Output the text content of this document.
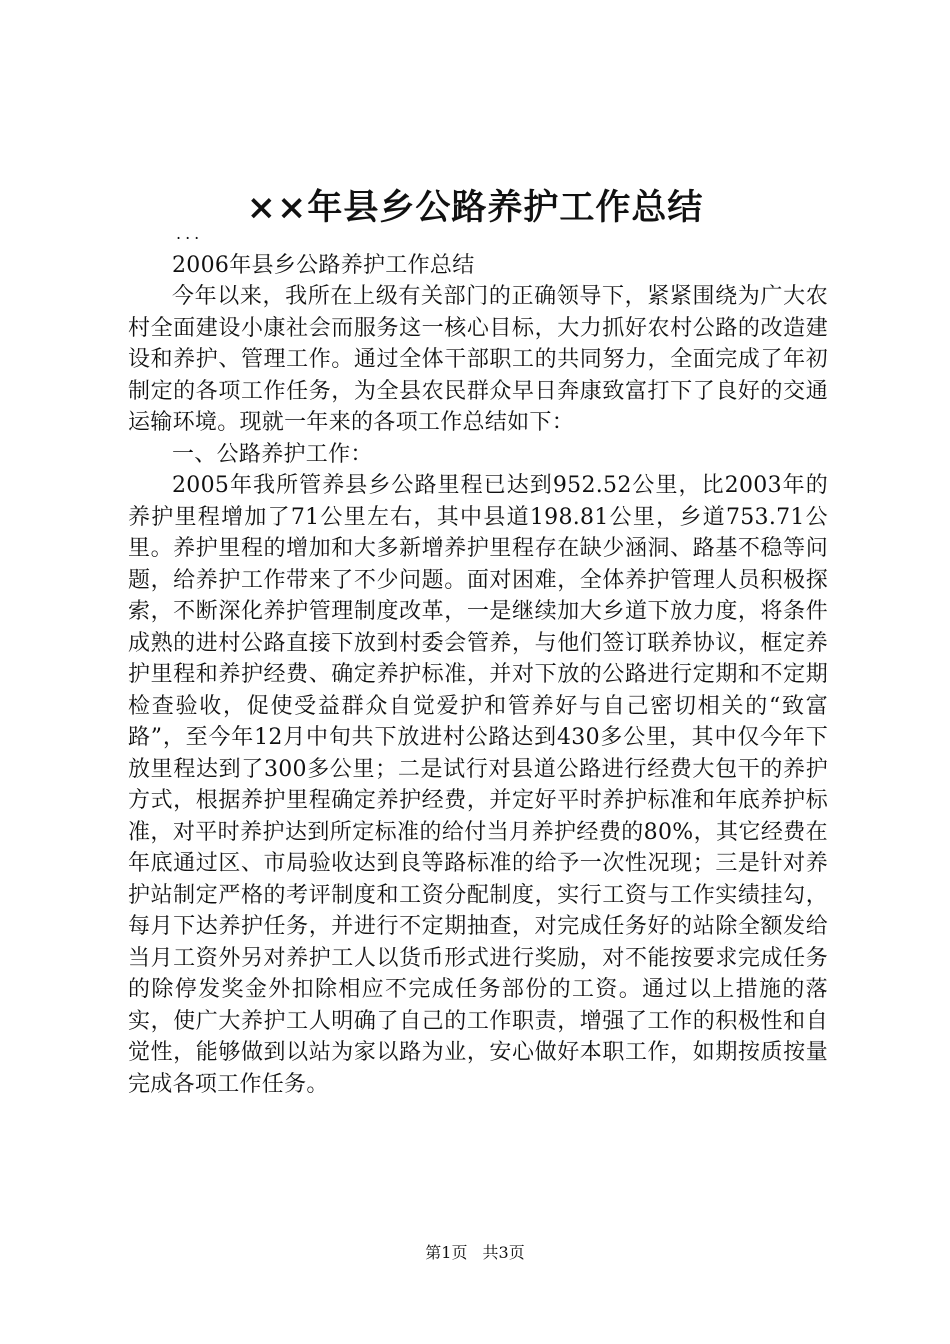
××年县乡公路养护工作总结

...

2006年县乡公路养护工作总结

今年以来，我所在上级有关部门的正确领导下，紧紧围绕为广大农村全面建设小康社会而服务这一核心目标，大力抓好农村公路的改造建设和养护、管理工作。通过全体干部职工的共同努力，全面完成了年初制定的各项工作任务，为全县农民群众早日奔康致富打下了良好的交通运输环境。现就一年来的各项工作总结如下：

一、公路养护工作：

2005年我所管养县乡公路里程已达到952.52公里，比2003年的养护里程增加了71公里左右，其中县道198.81公里，乡道753.71公里。养护里程的增加和大多新增养护里程存在缺少涵洞、路基不稳等问题，给养护工作带来了不少问题。面对困难，全体养护管理人员积极探索，不断深化养护管理制度改革，一是继续加大乡道下放力度，将条件成熟的进村公路直接下放到村委会管养，与他们签订联养协议，框定养护里程和养护经费、确定养护标准，并对下放的公路进行定期和不定期检查验收，促使受益群众自觉爱护和管养好与自己密切相关的“致富路”，至今年12月中旬共下放进村公路达到430多公里，其中仅今年下放里程达到了300多公里；二是试行对县道公路进行经费大包干的养护方式，根据养护里程确定养护经费，并定好平时养护标准和年底养护标准，对平时养护达到所定标准的给付当月养护经费的80%，其它经费在年底通过区、市局验收达到良等路标准的给予一次性况现；三是针对养护站制定严格的考评制度和工资分配制度，实行工资与工作实绩挂勾，每月下达养护任务，并进行不定期抽查，对完成任务好的站除全额发给当月工资外另对养护工人以货币形式进行奖励，对不能按要求完成任务的除停发奖金外扣除相应不完成任务部份的工资。通过以上措施的落实，使广大养护工人明确了自己的工作职责，增强了工作的积极性和自觉性，能够做到以站为家以路为业，安心做好本职工作，如期按质按量完成各项工作任务。

第1页 共3页
